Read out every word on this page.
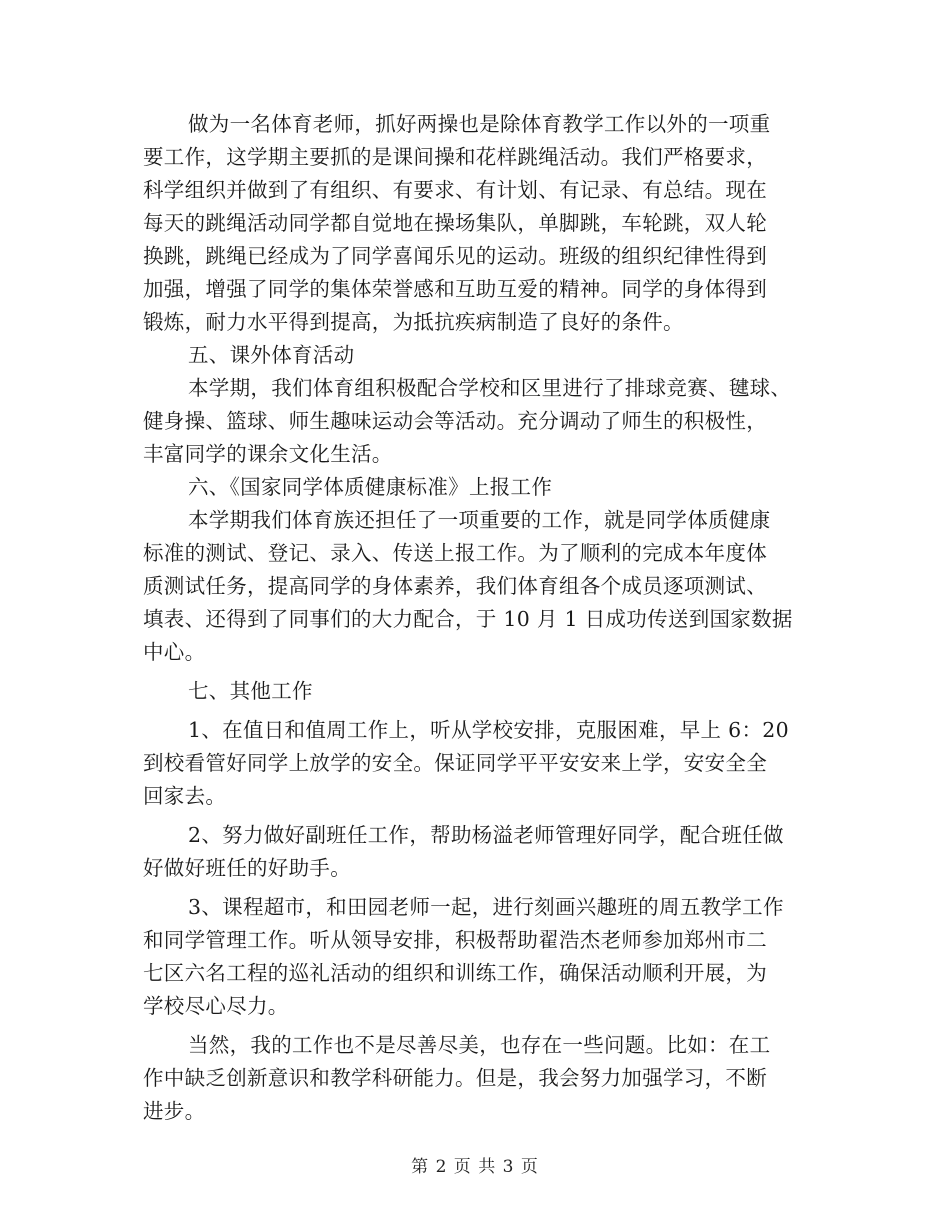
做为一名体育老师，抓好两操也是除体育教学工作以外的一项重

要工作，这学期主要抓的是课间操和花样跳绳活动。我们严格要求，

科学组织并做到了有组织、有要求、有计划、有记录、有总结。现在

每天的跳绳活动同学都自觉地在操场集队，单脚跳，车轮跳，双人轮

换跳，跳绳已经成为了同学喜闻乐见的运动。班级的组织纪律性得到

加强，增强了同学的集体荣誉感和互助互爱的精神。同学的身体得到

锻炼，耐力水平得到提高，为抵抗疾病制造了良好的条件。

五、课外体育活动

本学期，我们体育组积极配合学校和区里进行了排球竞赛、毽球、

健身操、篮球、师生趣味运动会等活动。充分调动了师生的积极性，

丰富同学的课余文化生活。

六、《国家同学体质健康标准》上报工作

本学期我们体育族还担任了一项重要的工作，就是同学体质健康

标准的测试、登记、录入、传送上报工作。为了顺利的完成本年度体

质测试任务，提高同学的身体素养，我们体育组各个成员逐项测试、

填表、还得到了同事们的大力配合，于 10 月 1 日成功传送到国家数据

中心。

七、其他工作

1、在值日和值周工作上，听从学校安排，克服困难，早上 6：20

到校看管好同学上放学的安全。保证同学平平安安来上学，安安全全

回家去。

2、努力做好副班任工作，帮助杨溢老师管理好同学，配合班任做

好做好班任的好助手。

3、课程超市，和田园老师一起，进行刻画兴趣班的周五教学工作

和同学管理工作。听从领导安排，积极帮助翟浩杰老师参加郑州市二

七区六名工程的巡礼活动的组织和训练工作，确保活动顺利开展，为

学校尽心尽力。

当然，我的工作也不是尽善尽美，也存在一些问题。比如：在工

作中缺乏创新意识和教学科研能力。但是，我会努力加强学习，不断

进步。

第 2 页 共 3 页
